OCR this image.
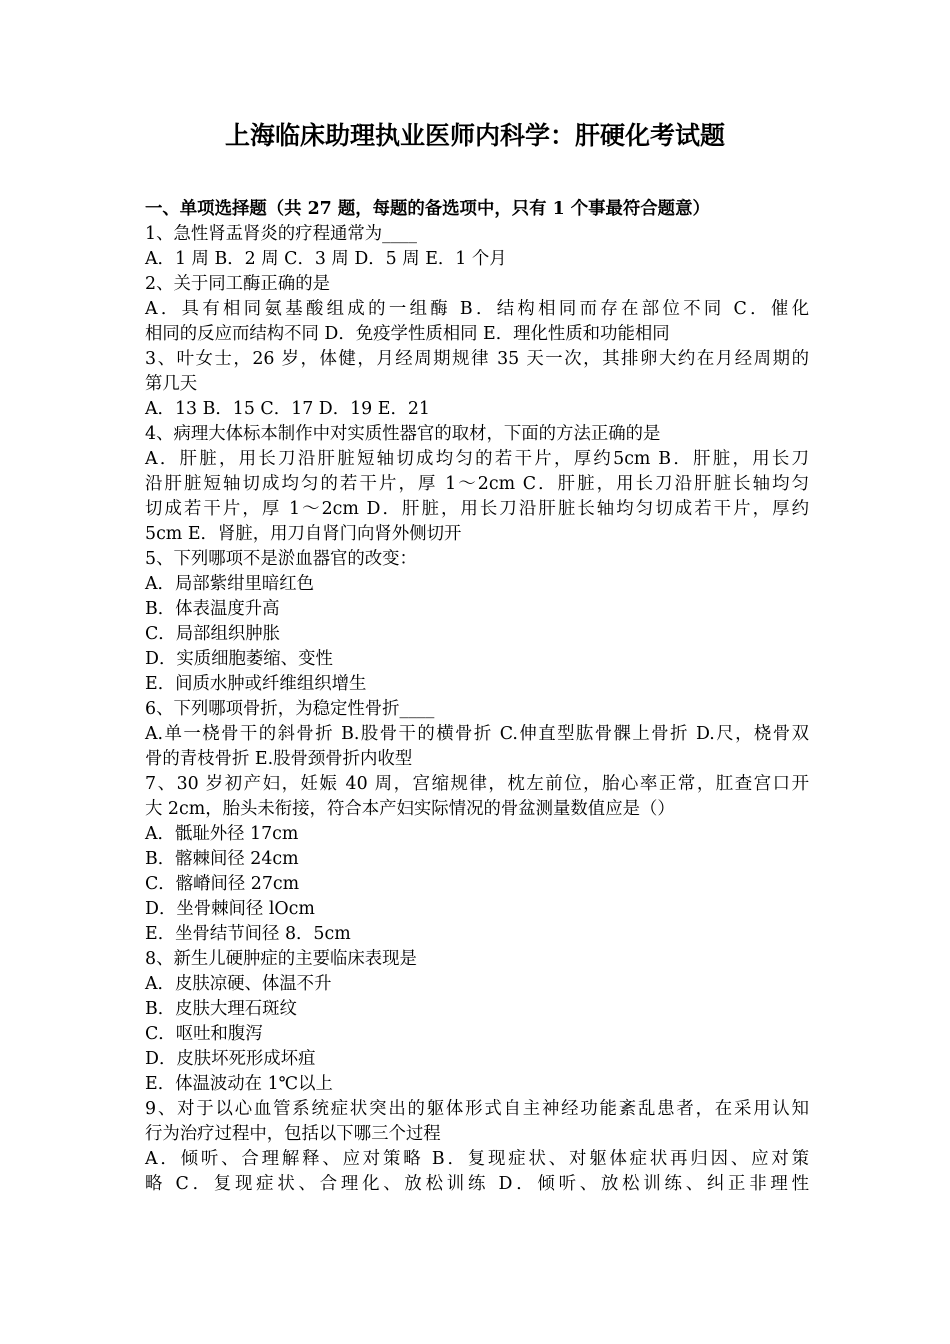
上海临床助理执业医师内科学：肝硬化考试题
一、单项选择题（共 27 题，每题的备选项中，只有 1 个事最符合题意）
1、急性肾盂肾炎的疗程通常为____
A．1 周 B．2 周 C．3 周 D．5 周 E．1 个月
2、关于同工酶正确的是
A．具有相同氨基酸组成的一组酶 B．结构相同而存在部位不同 C．催化
相同的反应而结构不同 D．免疫学性质相同 E．理化性质和功能相同
3、叶女士，26 岁，体健，月经周期规律 35 天一次，其排卵大约在月经周期的
第几天
A．13 B．15 C．17 D．19 E．21
4、病理大体标本制作中对实质性器官的取材，下面的方法正确的是
A．肝脏，用长刀沿肝脏短轴切成均匀的若干片，厚约5cm B．肝脏，用长刀
沿肝脏短轴切成均匀的若干片，厚 1～2cm C．肝脏，用长刀沿肝脏长轴均匀
切成若干片，厚 1～2cm D．肝脏，用长刀沿肝脏长轴均匀切成若干片，厚约
5cm E．肾脏，用刀自肾门向肾外侧切开
5、下列哪项不是淤血器官的改变：
A．局部紫绀里暗红色
B．体表温度升高
C．局部组织肿胀
D．实质细胞萎缩、变性
E．间质水肿或纤维组织增生
6、下列哪项骨折，为稳定性骨折____
A.单一桡骨干的斜骨折 B.股骨干的横骨折 C.伸直型肱骨髁上骨折 D.尺，桡骨双
骨的青枝骨折 E.股骨颈骨折内收型
7、30 岁初产妇，妊娠 40 周，宫缩规律，枕左前位，胎心率正常，肛查宫口开
大 2cm，胎头未衔接，符合本产妇实际情况的骨盆测量数值应是（）
A．骶耻外径 17cm
B．髂棘间径 24cm
C．髂嵴间径 27cm
D．坐骨棘间径 lOcm
E．坐骨结节间径 8．5cm
8、新生儿硬肿症的主要临床表现是
A．皮肤凉硬、体温不升
B．皮肤大理石斑纹
C．呕吐和腹泻
D．皮肤坏死形成坏疽
E．体温波动在 1℃以上
9、对于以心血管系统症状突出的躯体形式自主神经功能紊乱患者，在采用认知
行为治疗过程中，包括以下哪三个过程
A．倾听、合理解释、应对策略 B．复现症状、对躯体症状再归因、应对策
略 C．复现症状、合理化、放松训练 D．倾听、放松训练、纠正非理性
